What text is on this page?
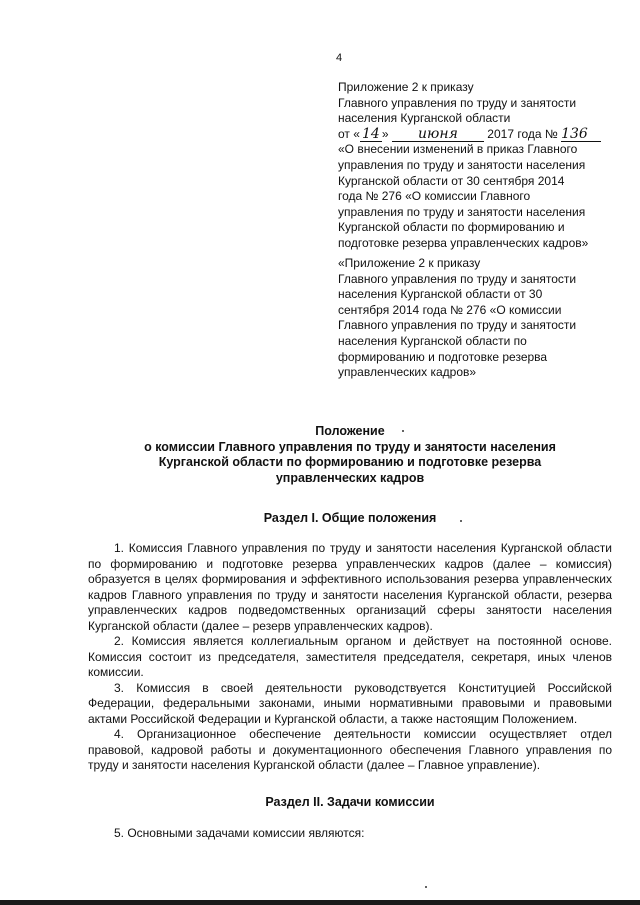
4
Приложение 2 к приказу
Главного управления по труду и занятости
населения Курганской области
от « 14 » июня 2017 года № 136
«О внесении изменений в приказ Главного
управления по труду и занятости населения
Курганской области от 30 сентября 2014
года № 276 «О комиссии Главного
управления по труду и занятости населения
Курганской области по формированию и
подготовке резерва управленческих кадров»
«Приложение 2 к приказу
Главного управления по труду и занятости
населения Курганской области от 30
сентября 2014 года № 276 «О комиссии
Главного управления по труду и занятости
населения Курганской области по
формированию и подготовке резерва
управленческих кадров»
Положение
о комиссии Главного управления по труду и занятости населения
Курганской области по формированию и подготовке резерва
управленческих кадров
Раздел I. Общие положения

1. Комиссия Главного управления по труду и занятости населения Курганской области по формированию и подготовке резерва управленческих кадров (далее – комиссия) образуется в целях формирования и эффективного использования резерва управленческих кадров Главного управления по труду и занятости населения Курганской области, резерва управленческих кадров подведомственных организаций сферы занятости населения Курганской области (далее – резерв управленческих кадров).

2. Комиссия является коллегиальным органом и действует на постоянной основе. Комиссия состоит из председателя, заместителя председателя, секретаря, иных членов комиссии.

3. Комиссия в своей деятельности руководствуется Конституцией Российской Федерации, федеральными законами, иными нормативными правовыми и правовыми актами Российской Федерации и Курганской области, а также настоящим Положением.

4. Организационное обеспечение деятельности комиссии осуществляет отдел правовой, кадровой работы и документационного обеспечения Главного управления по труду и занятости населения Курганской области (далее – Главное управление).

Раздел II. Задачи комиссии

5. Основными задачами комиссии являются:
